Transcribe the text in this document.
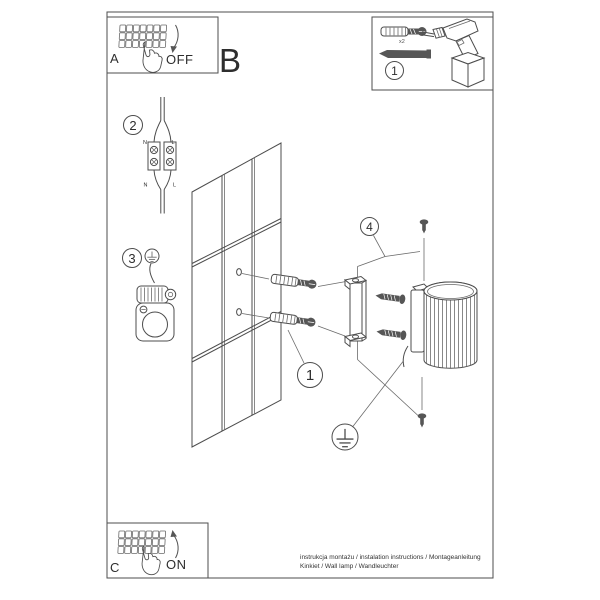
N	L
N	L
A	OFF B	x2
C	ON
1
2
3
4
1
instrukcja montażu / instalation instructions / Montageanleitung
Kinkiet / Wall lamp / Wandleuchter
